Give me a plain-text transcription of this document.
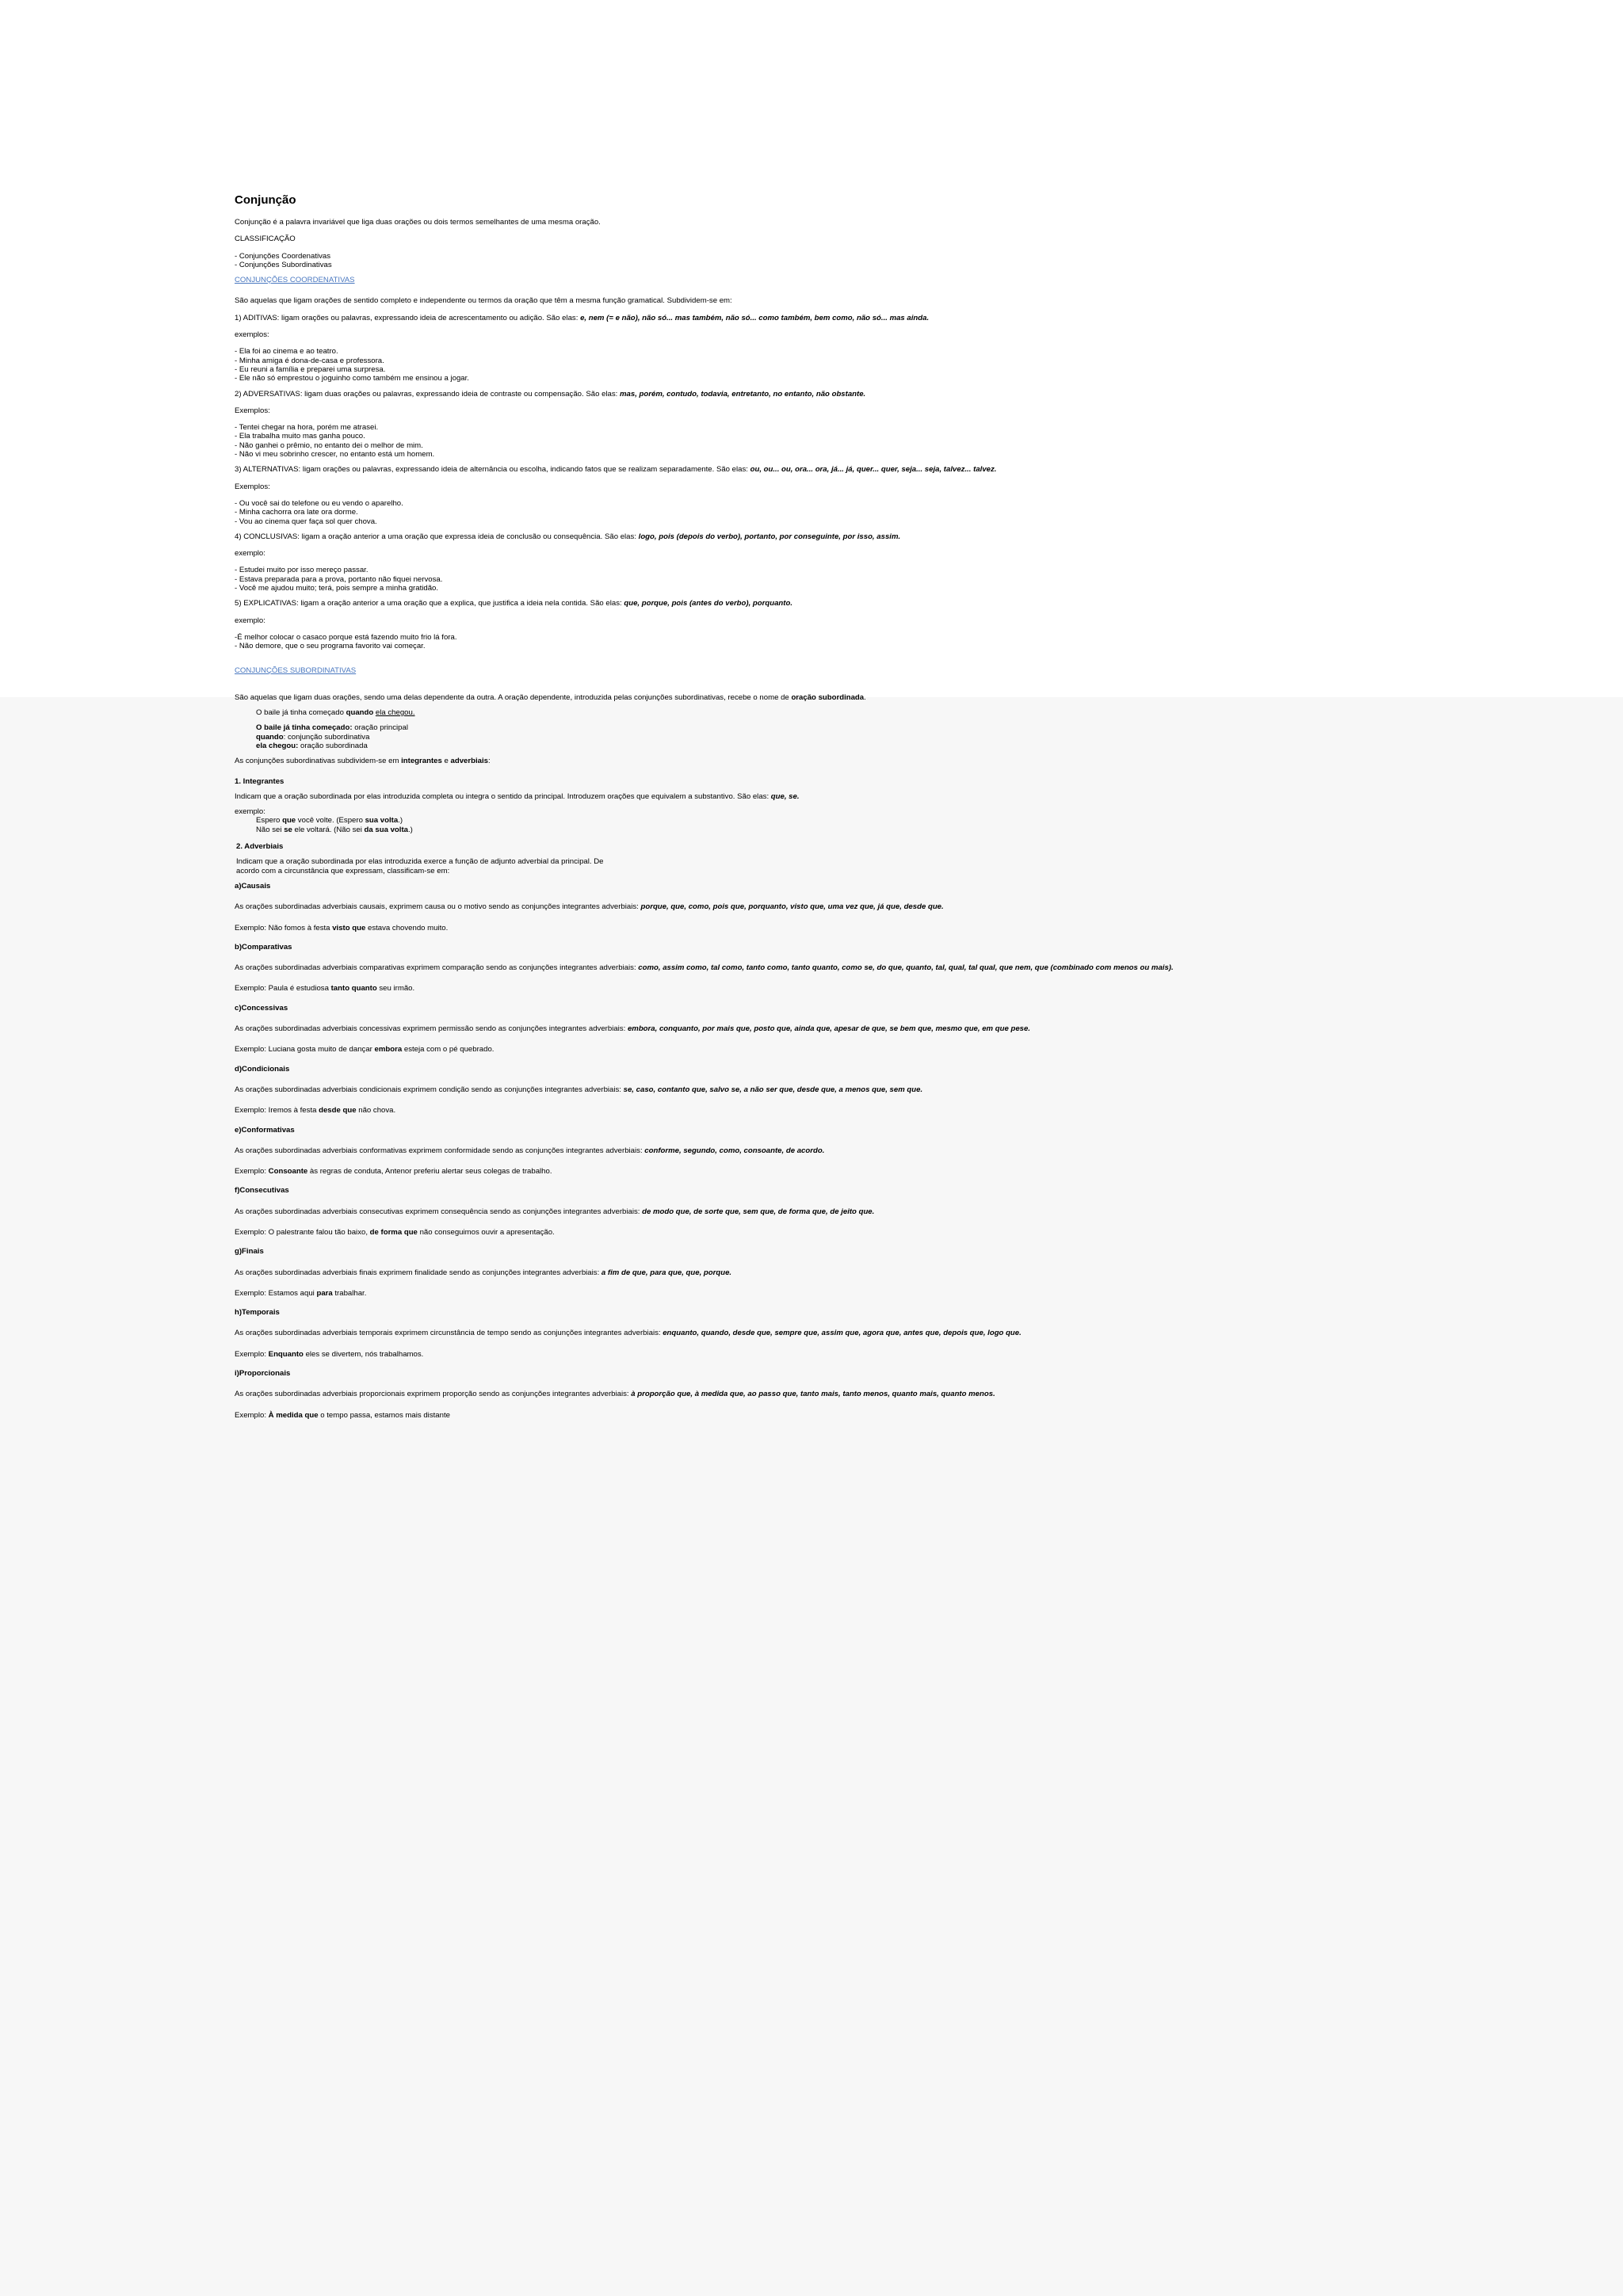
Conjunção

Conjunção é a palavra invariável que liga duas orações ou dois termos semelhantes de uma mesma oração.

CLASSIFICAÇÃO

- Conjunções Coordenativas

- Conjunções Subordinativas

CONJUNÇÕES COORDENATIVAS

São aquelas que ligam orações de sentido completo e independente ou termos da oração que têm a mesma função gramatical. Subdividem-se em:

1) ADITIVAS: ligam orações ou palavras, expressando ideia de acrescentamento ou adição. São elas: e, nem (= e não), não só... mas também, não só... como também, bem como, não só... mas ainda.

exemplos:

- Ela foi ao cinema e ao teatro.

- Minha amiga é dona-de-casa e professora.

- Eu reuni a família e preparei uma surpresa.

- Ele não só emprestou o joguinho como também me ensinou a jogar.

2) ADVERSATIVAS: ligam duas orações ou palavras, expressando ideia de contraste ou compensação. São elas: mas, porém, contudo, todavia, entretanto, no entanto, não obstante.

Exemplos:

- Tentei chegar na hora, porém me atrasei.

- Ela trabalha muito mas ganha pouco.

- Não ganhei o prêmio, no entanto dei o melhor de mim.

- Não vi meu sobrinho crescer, no entanto está um homem.

3) ALTERNATIVAS: ligam orações ou palavras, expressando ideia de alternância ou escolha, indicando fatos que se realizam separadamente. São elas: ou, ou... ou, ora... ora, já... já, quer... quer, seja... seja, talvez... talvez.

Exemplos:

- Ou você sai do telefone ou eu vendo o aparelho.

- Minha cachorra ora late ora dorme.

- Vou ao cinema quer faça sol quer chova.

4) CONCLUSIVAS: ligam a oração anterior a uma oração que expressa ideia de conclusão ou consequência. São elas: logo, pois (depois do verbo), portanto, por conseguinte, por isso, assim.

exemplo:

- Estudei muito por isso mereço passar.

- Estava preparada para a prova, portanto não fiquei nervosa.

- Você me ajudou muito; terá, pois sempre a minha gratidão.

5) EXPLICATIVAS: ligam a oração anterior a uma oração que a explica, que justifica a ideia nela contida. São elas: que, porque, pois (antes do verbo), porquanto.

exemplo:

-É melhor colocar o casaco porque está fazendo muito frio lá fora.

- Não demore, que o seu programa favorito vai começar.

CONJUNÇÕES SUBORDINATIVAS

São aquelas que ligam duas orações, sendo uma delas dependente da outra. A oração dependente, introduzida pelas conjunções subordinativas, recebe o nome de oração subordinada.

O baile já tinha começado quando ela chegou.

O baile já tinha começado: oração principal

quando: conjunção subordinativa

ela chegou: oração subordinada

As conjunções subordinativas subdividem-se em integrantes e adverbiais:

1. Integrantes

Indicam que a oração subordinada por elas introduzida completa ou integra o sentido da principal. Introduzem orações que equivalem a substantivo. São elas: que, se.

exemplo:

Espero que você volte. (Espero sua volta.)

Não sei se ele voltará. (Não sei da sua volta.)

2. Adverbiais

Indicam que a oração subordinada por elas introduzida exerce a função de adjunto adverbial da principal. De

acordo com a circunstância que expressam, classificam-se em:

a)Causais

As orações subordinadas adverbiais causais, exprimem causa ou o motivo sendo as conjunções integrantes adverbiais: porque, que, como, pois que, porquanto, visto que, uma vez que, já que, desde que.

Exemplo: Não fomos à festa visto que estava chovendo muito.

b)Comparativas

As orações subordinadas adverbiais comparativas exprimem comparação sendo as conjunções integrantes adverbiais: como, assim como, tal como, tanto como, tanto quanto, como se, do que, quanto, tal, qual, tal qual, que nem, que (combinado com menos ou mais).

Exemplo: Paula é estudiosa tanto quanto seu irmão.

c)Concessivas

As orações subordinadas adverbiais concessivas exprimem permissão sendo as conjunções integrantes adverbiais: embora, conquanto, por mais que, posto que, ainda que, apesar de que, se bem que, mesmo que, em que pese.

Exemplo: Luciana gosta muito de dançar embora esteja com o pé quebrado.

d)Condicionais

As orações subordinadas adverbiais condicionais exprimem condição sendo as conjunções integrantes adverbiais: se, caso, contanto que, salvo se, a não ser que, desde que, a menos que, sem que.

Exemplo: Iremos à festa desde que não chova.

e)Conformativas

As orações subordinadas adverbiais conformativas exprimem conformidade sendo as conjunções integrantes adverbiais: conforme, segundo, como, consoante, de acordo.

Exemplo: Consoante às regras de conduta, Antenor preferiu alertar seus colegas de trabalho.

f)Consecutivas

As orações subordinadas adverbiais consecutivas exprimem consequência sendo as conjunções integrantes adverbiais: de modo que, de sorte que, sem que, de forma que, de jeito que.

Exemplo: O palestrante falou tão baixo, de forma que não conseguimos ouvir a apresentação.

g)Finais

As orações subordinadas adverbiais finais exprimem finalidade sendo as conjunções integrantes adverbiais: a fim de que, para que, que, porque.

Exemplo: Estamos aqui para trabalhar.

h)Temporais

As orações subordinadas adverbiais temporais exprimem circunstância de tempo sendo as conjunções integrantes adverbiais: enquanto, quando, desde que, sempre que, assim que, agora que, antes que, depois que, logo que.

Exemplo: Enquanto eles se divertem, nós trabalhamos.

i)Proporcionais

As orações subordinadas adverbiais proporcionais exprimem proporção sendo as conjunções integrantes adverbiais: à proporção que, à medida que, ao passo que, tanto mais, tanto menos, quanto mais, quanto menos.

Exemplo: À medida que o tempo passa, estamos mais distante
